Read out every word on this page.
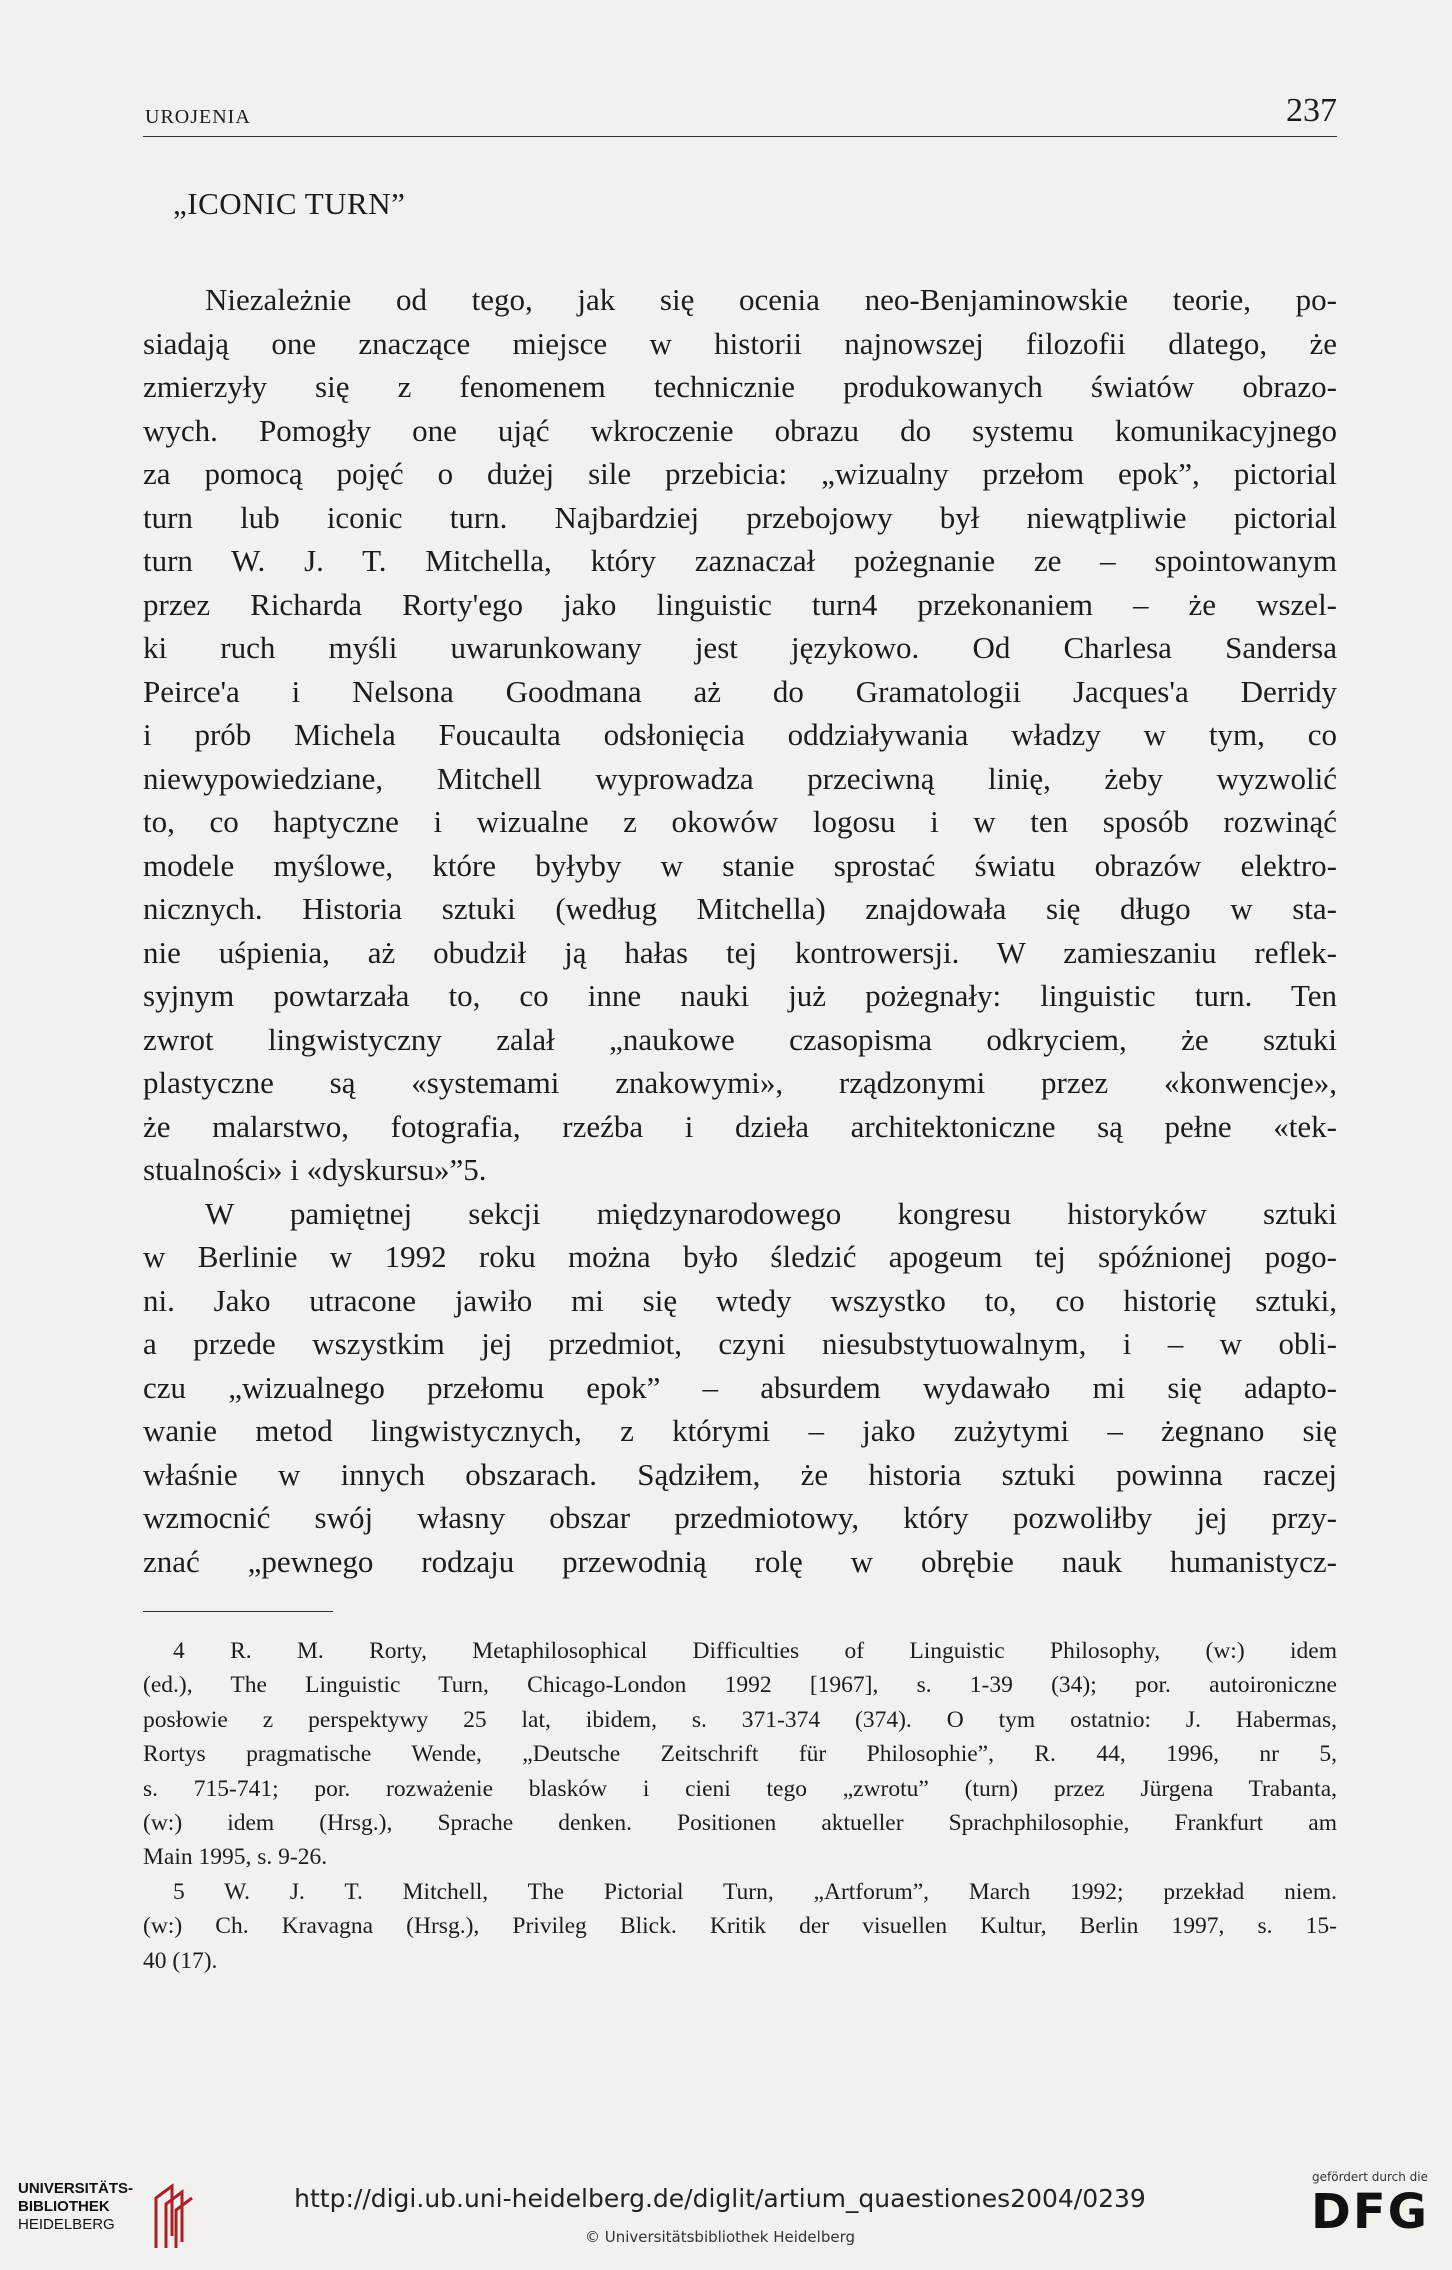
UROJENIA	237
„ICONIC TURN”
Niezależnie od tego, jak się ocenia neo-Benjaminowskie teorie, po-
siadają one znaczące miejsce w historii najnowszej filozofii dlatego, że
zmierzyły się z fenomenem technicznie produkowanych światów obrazo-
wych. Pomogły one ująć wkroczenie obrazu do systemu komunikacyjnego
za pomocą pojęć o dużej sile przebicia: „wizualny przełom epok”, pictorial
turn lub iconic turn. Najbardziej przebojowy był niewątpliwie pictorial
turn W. J. T. Mitchella, który zaznaczał pożegnanie ze – spointowanym
przez Richarda Rorty'ego jako linguistic turn4 przekonaniem – że wszel-
ki ruch myśli uwarunkowany jest językowo. Od Charlesa Sandersa
Peirce'a i Nelsona Goodmana aż do Gramatologii Jacques'a Derridy
i prób Michela Foucaulta odsłonięcia oddziaływania władzy w tym, co
niewypowiedziane, Mitchell wyprowadza przeciwną linię, żeby wyzwolić
to, co haptyczne i wizualne z okowów logosu i w ten sposób rozwinąć
modele myślowe, które byłyby w stanie sprostać światu obrazów elektro-
nicznych. Historia sztuki (według Mitchella) znajdowała się długo w sta-
nie uśpienia, aż obudził ją hałas tej kontrowersji. W zamieszaniu reflek-
syjnym powtarzała to, co inne nauki już pożegnały: linguistic turn. Ten
zwrot lingwistyczny zalał „naukowe czasopisma odkryciem, że sztuki
plastyczne są «systemami znakowymi», rządzonymi przez «konwencje»,
że malarstwo, fotografia, rzeźba i dzieła architektoniczne są pełne «tek-
stualności» i «dyskursu»”5.
W pamiętnej sekcji międzynarodowego kongresu historyków sztuki
w Berlinie w 1992 roku można było śledzić apogeum tej spóźnionej pogo-
ni. Jako utracone jawiło mi się wtedy wszystko to, co historię sztuki,
a przede wszystkim jej przedmiot, czyni niesubstytuowalnym, i – w obli-
czu „wizualnego przełomu epok” – absurdem wydawało mi się adapto-
wanie metod lingwistycznych, z którymi – jako zużytymi – żegnano się
właśnie w innych obszarach. Sądziłem, że historia sztuki powinna raczej
wzmocnić swój własny obszar przedmiotowy, który pozwoliłby jej przy-
znać „pewnego rodzaju przewodnią rolę w obrębie nauk humanistycz-
4 R. M. Rorty, Metaphilosophical Difficulties of Linguistic Philosophy, (w:) idem
(ed.), The Linguistic Turn, Chicago-London 1992 [1967], s. 1-39 (34); por. autoironiczne
posłowie z perspektywy 25 lat, ibidem, s. 371-374 (374). O tym ostatnio: J. Habermas,
Rortys pragmatische Wende, „Deutsche Zeitschrift für Philosophie”, R. 44, 1996, nr 5,
s. 715-741; por. rozważenie blasków i cieni tego „zwrotu” (turn) przez Jürgena Trabanta,
(w:) idem (Hrsg.), Sprache denken. Positionen aktueller Sprachphilosophie, Frankfurt am
Main 1995, s. 9-26.
5 W. J. T. Mitchell, The Pictorial Turn, „Artforum”, March 1992; przekład niem.
(w:) Ch. Kravagna (Hrsg.), Privileg Blick. Kritik der visuellen Kultur, Berlin 1997, s. 15-
40 (17).
UNIVERSITÄTS-
BIBLIOTHEK
HEIDELBERG
http://digi.ub.uni-heidelberg.de/diglit/artium_quaestiones2004/0239
© Universitätsbibliothek Heidelberg
gefördert durch die
DFG
